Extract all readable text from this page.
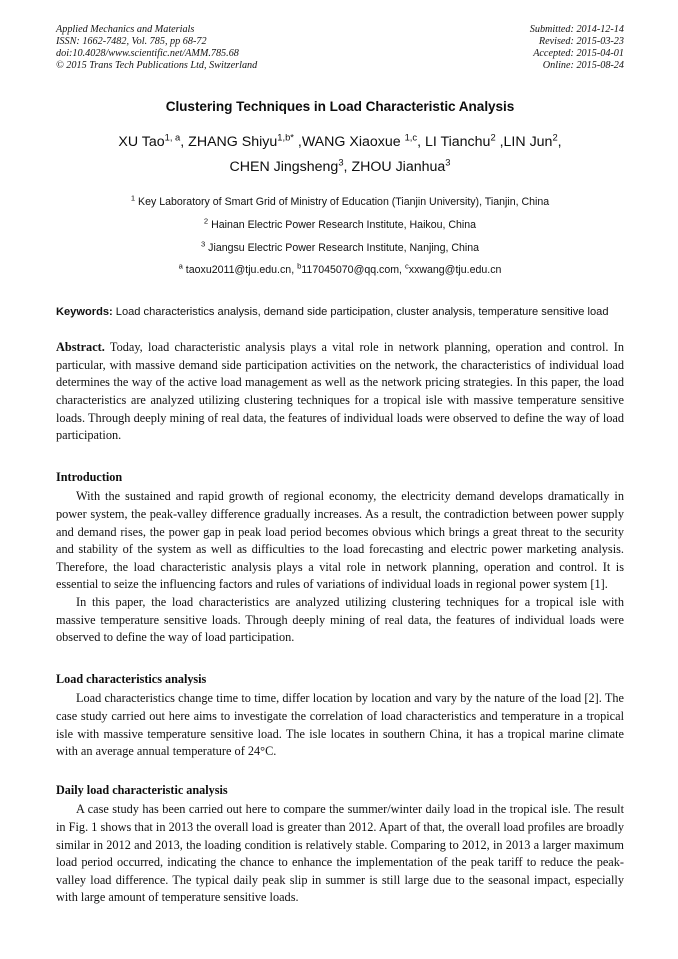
Applied Mechanics and Materials
ISSN: 1662-7482, Vol. 785, pp 68-72
doi:10.4028/www.scientific.net/AMM.785.68
© 2015 Trans Tech Publications Ltd, Switzerland
Submitted: 2014-12-14
Revised: 2015-03-23
Accepted: 2015-04-01
Online: 2015-08-24
Clustering Techniques in Load Characteristic Analysis
XU Tao$^{1, a}$, ZHANG Shiyu$^{1,b*}$ ,WANG Xiaoxue $^{1,c}$, LI Tianchu$^2$ ,LIN Jun$^2$,
CHEN Jingsheng$^3$, ZHOU Jianhua$^3$
$^1$ Key Laboratory of Smart Grid of Ministry of Education (Tianjin University), Tianjin, China
$^2$ Hainan Electric Power Research Institute, Haikou, China
$^3$ Jiangsu Electric Power Research Institute, Nanjing, China
$^a$ taoxu2011@tju.edu.cn, $^b$117045070@qq.com, $^c$xxwang@tju.edu.cn
Keywords: Load characteristics analysis, demand side participation, cluster analysis, temperature sensitive load
Abstract. Today, load characteristic analysis plays a vital role in network planning, operation and control. In particular, with massive demand side participation activities on the network, the characteristics of individual load determines the way of the active load management as well as the network pricing strategies. In this paper, the load characteristics are analyzed utilizing clustering techniques for a tropical isle with massive temperature sensitive loads. Through deeply mining of real data, the features of individual loads were observed to define the way of load participation.
Introduction

With the sustained and rapid growth of regional economy, the electricity demand develops dramatically in power system, the peak-valley difference gradually increases. As a result, the contradiction between power supply and demand rises, the power gap in peak load period becomes obvious which brings a great threat to the security and stability of the system as well as difficulties to the load forecasting and electric power marketing analysis. Therefore, the load characteristic analysis plays a vital role in network planning, operation and control. It is essential to seize the influencing factors and rules of variations of individual loads in regional power system [1].

In this paper, the load characteristics are analyzed utilizing clustering techniques for a tropical isle with massive temperature sensitive loads. Through deeply mining of real data, the features of individual loads were observed to define the way of load participation.

Load characteristics analysis

Load characteristics change time to time, differ location by location and vary by the nature of the load [2]. The case study carried out here aims to investigate the correlation of load characteristics and temperature in a tropical isle with massive temperature sensitive load. The isle locates in southern China, it has a tropical marine climate with an average annual temperature of 24°C.

Daily load characteristic analysis

A case study has been carried out here to compare the summer/winter daily load in the tropical isle. The result in Fig. 1 shows that in 2013 the overall load is greater than 2012. Apart of that, the overall load profiles are broadly similar in 2012 and 2013, the loading condition is relatively stable. Comparing to 2012, in 2013 a larger maximum load period occurred, indicating the chance to enhance the implementation of the peak tariff to reduce the peak-valley load difference. The typical daily peak slip in summer is still large due to the seasonal impact, especially with large amount of temperature sensitive loads.
